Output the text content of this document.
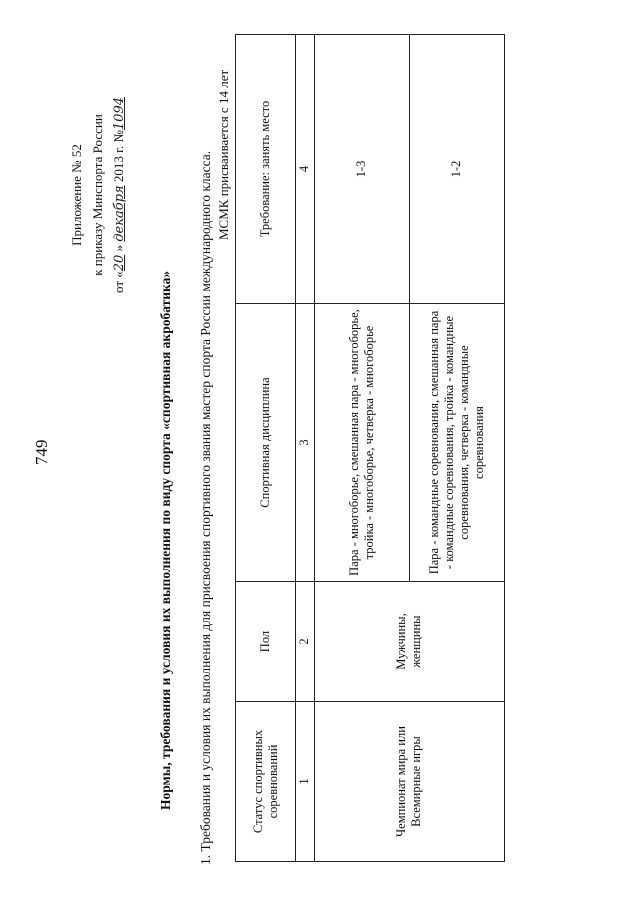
749
Приложение № 52 к приказу Минспорта России
от «20 » декабря 2013 г. №1094
Нормы, требования и условия их выполнения по виду спорта «спортивная акробатика» 1. Требования и условия их выполнения для присвоения спортивного звания мастер спорта России международного класса. МСМК присваивается с 14 лет
Статус спортивных соревнований	Пол	Спортивная дисциплина	Требование: занять место
1	2	3	4
Чемпионат мира или Всемирные игры	Мужчины, женщины	Пара - многоборье, смешанная пара - многоборье, тройка - многоборье, четверка - многоборье	1-3
		Пара - командные соревнования, смешанная пара - командные соревнования, тройка - командные соревнования, четверка - командные соревнования	1-2
